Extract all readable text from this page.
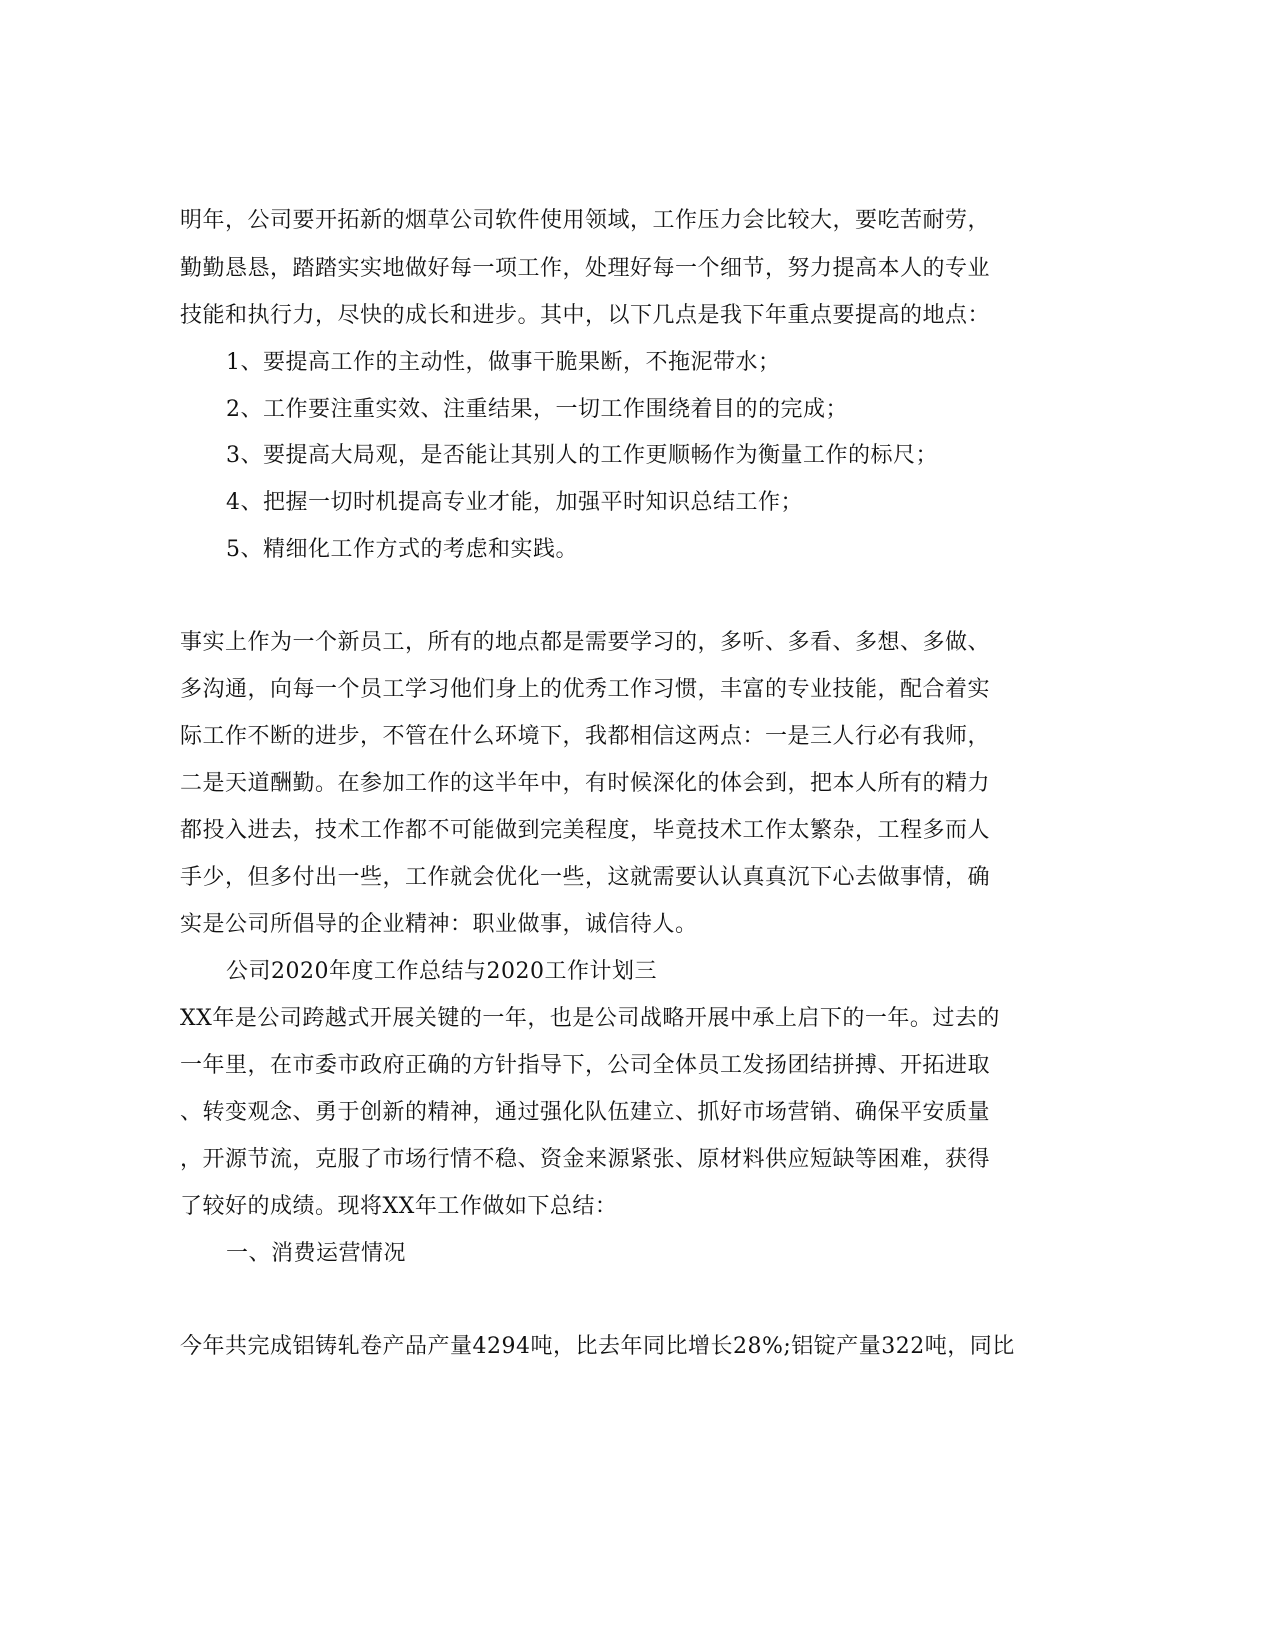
明年，公司要开拓新的烟草公司软件使用领域，工作压力会比较大，要吃苦耐劳，
勤勤恳恳，踏踏实实地做好每一项工作，处理好每一个细节，努力提高本人的专业
技能和执行力，尽快的成长和进步。其中，以下几点是我下年重点要提高的地点：
1、要提高工作的主动性，做事干脆果断，不拖泥带水；
2、工作要注重实效、注重结果，一切工作围绕着目的的完成；
3、要提高大局观，是否能让其别人的工作更顺畅作为衡量工作的标尺；
4、把握一切时机提高专业才能，加强平时知识总结工作；
5、精细化工作方式的考虑和实践。
事实上作为一个新员工，所有的地点都是需要学习的，多听、多看、多想、多做、
多沟通，向每一个员工学习他们身上的优秀工作习惯，丰富的专业技能，配合着实
际工作不断的进步，不管在什么环境下，我都相信这两点：一是三人行必有我师，
二是天道酬勤。在参加工作的这半年中，有时候深化的体会到，把本人所有的精力
都投入进去，技术工作都不可能做到完美程度，毕竟技术工作太繁杂，工程多而人
手少，但多付出一些，工作就会优化一些，这就需要认认真真沉下心去做事情，确
实是公司所倡导的企业精神：职业做事，诚信待人。
公司2020年度工作总结与2020工作计划三
XX年是公司跨越式开展关键的一年，也是公司战略开展中承上启下的一年。过去的
一年里，在市委市政府正确的方针指导下，公司全体员工发扬团结拼搏、开拓进取
、转变观念、勇于创新的精神，通过强化队伍建立、抓好市场营销、确保平安质量
，开源节流，克服了市场行情不稳、资金来源紧张、原材料供应短缺等困难，获得
了较好的成绩。现将XX年工作做如下总结：
一、消费运营情况
今年共完成铝铸轧卷产品产量4294吨，比去年同比增长28%;铝锭产量322吨，同比
